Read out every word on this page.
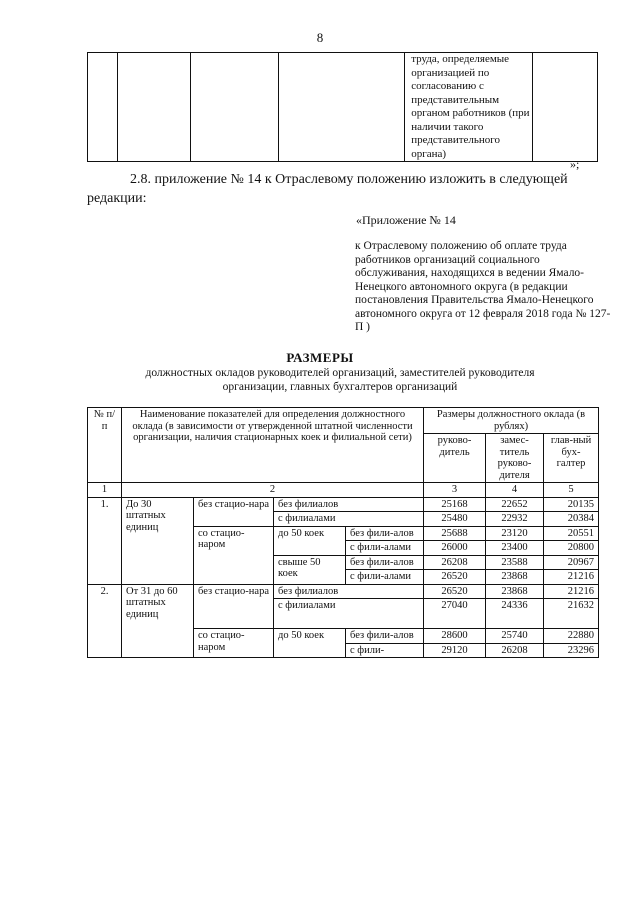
8
				труда, определяемые организацией по согласованию с представительным органом работников (при наличии такого представительного органа)	
»;
2.8. приложение № 14 к Отраслевому положению изложить в следующей
редакции:
«Приложение № 14
к Отраслевому положению об оплате труда работников организаций социального обслуживания, находящихся в ведении Ямало-Ненецкого автономного округа (в редакции постановления Правительства Ямало-Ненецкого автономного округа от 12 февраля 2018 года № 127-П )
РАЗМЕРЫ
должностных окладов руководителей организаций, заместителей руководителя организации, главных бухгалтеров организаций
№ п/п	Наименование показателей для определения должностного оклада (в зависимости от утвержденной штатной численности организации, наличия стационарных коек и филиальной сети)				Размеры должностного оклада (в рублях)		
					руково-дитель	замес-титель руково-дителя	глав-ный бух-галтер
1	2				3	4	5
1.	До 30 штатных единиц	без стацио-нара	без филиалов		25168	22652	20135
			с филиалами		25480	22932	20384
		со стацио-наром	до 50 коек	без фили-алов	25688	23120	20551
				с фили-алами	26000	23400	20800

			свыше 50 коек	без фили-алов	26208	23588	20967
				с фили-алами	26520	23868	21216

2.	От 31 до 60 штатных единиц	без стацио-нара	без филиалов		26520	23868	21216
			с филиалами		27040	24336	21632
		со стацио-наром	до 50 коек	без фили-алов	28600	25740	22880
				с фили-	29120	26208	23296
